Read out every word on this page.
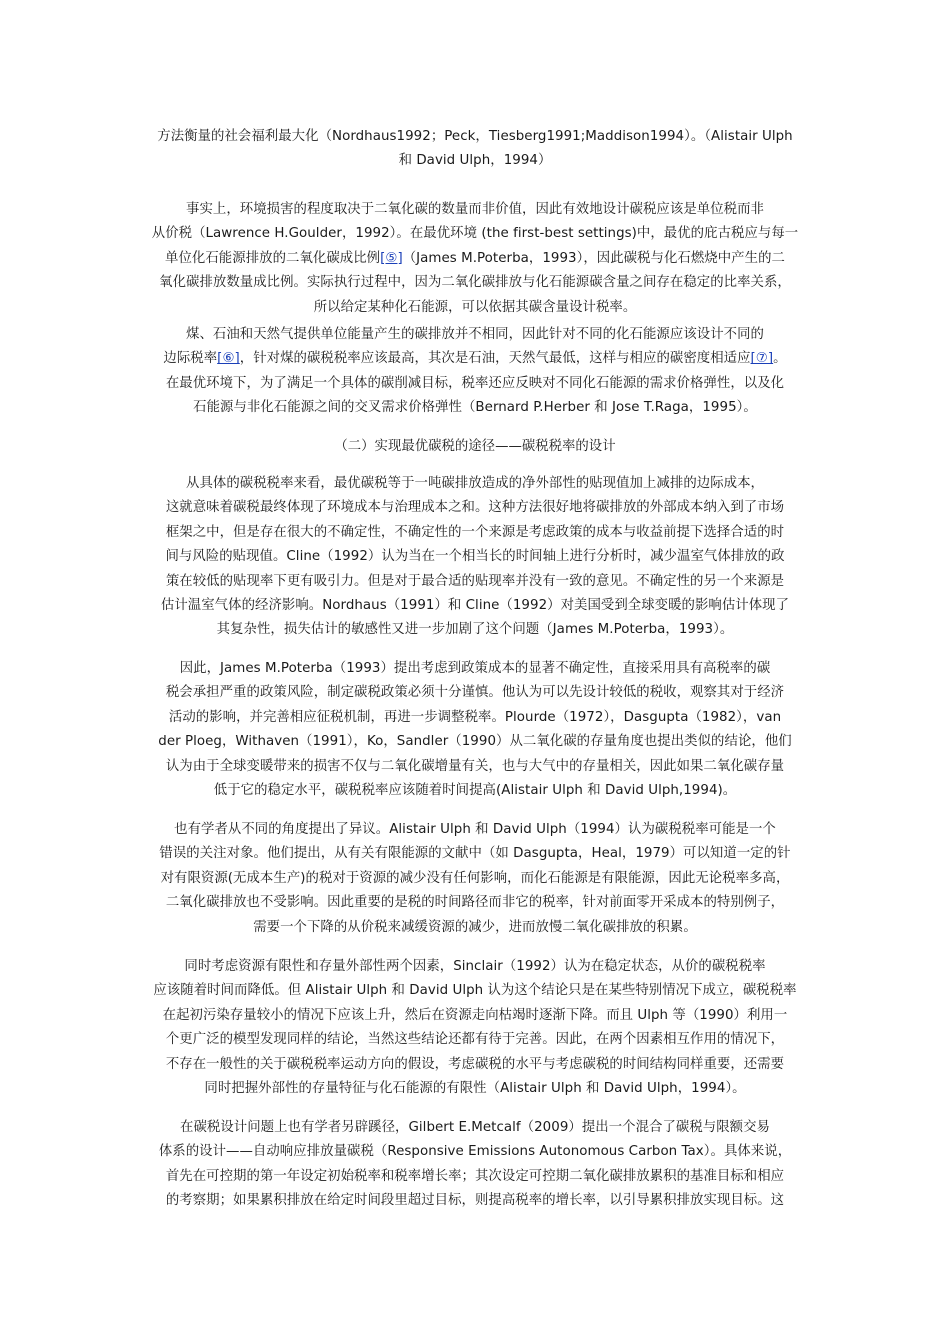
方法衡量的社会福利最大化（Nordhaus1992；Peck，Tiesberg1991;Maddison1994）。（Alistair Ulph
和 David Ulph，1994）
事实上，环境损害的程度取决于二氧化碳的数量而非价值，因此有效地设计碳税应该是单位税而非
从价税（Lawrence H.Goulder，1992）。在最优环境 (the first-best settings)中，最优的庇古税应与每一
单位化石能源排放的二氧化碳成比例[⑤]（James M.Poterba，1993），因此碳税与化石燃烧中产生的二
氧化碳排放数量成比例。实际执行过程中，因为二氧化碳排放与化石能源碳含量之间存在稳定的比率关系，
所以给定某种化石能源，可以依据其碳含量设计税率。
煤、石油和天然气提供单位能量产生的碳排放并不相同，因此针对不同的化石能源应该设计不同的
边际税率[⑥]，针对煤的碳税税率应该最高，其次是石油，天然气最低，这样与相应的碳密度相适应[⑦]。
在最优环境下，为了满足一个具体的碳削减目标，税率还应反映对不同化石能源的需求价格弹性，以及化
石能源与非化石能源之间的交叉需求价格弹性（Bernard P.Herber 和 Jose T.Raga，1995）。
（二）实现最优碳税的途径——碳税税率的设计
从具体的碳税税率来看，最优碳税等于一吨碳排放造成的净外部性的贴现值加上减排的边际成本，
这就意味着碳税最终体现了环境成本与治理成本之和。这种方法很好地将碳排放的外部成本纳入到了市场
框架之中，但是存在很大的不确定性，不确定性的一个来源是考虑政策的成本与收益前提下选择合适的时
间与风险的贴现值。Cline（1992）认为当在一个相当长的时间轴上进行分析时，减少温室气体排放的政
策在较低的贴现率下更有吸引力。但是对于最合适的贴现率并没有一致的意见。不确定性的另一个来源是
估计温室气体的经济影响。Nordhaus（1991）和 Cline（1992）对美国受到全球变暖的影响估计体现了
其复杂性，损失估计的敏感性又进一步加剧了这个问题（James M.Poterba，1993）。
因此，James M.Poterba（1993）提出考虑到政策成本的显著不确定性，直接采用具有高税率的碳
税会承担严重的政策风险，制定碳税政策必须十分谨慎。他认为可以先设计较低的税收，观察其对于经济
活动的影响，并完善相应征税机制，再进一步调整税率。Plourde（1972），Dasgupta（1982），van
der Ploeg，Withaven（1991），Ko，Sandler（1990）从二氧化碳的存量角度也提出类似的结论，他们
认为由于全球变暖带来的损害不仅与二氧化碳增量有关，也与大气中的存量相关，因此如果二氧化碳存量
低于它的稳定水平，碳税税率应该随着时间提高(Alistair Ulph 和 David Ulph,1994)。
也有学者从不同的角度提出了异议。Alistair Ulph 和 David Ulph（1994）认为碳税税率可能是一个
错误的关注对象。他们提出，从有关有限能源的文献中（如 Dasgupta，Heal，1979）可以知道一定的针
对有限资源(无成本生产)的税对于资源的减少没有任何影响，而化石能源是有限能源，因此无论税率多高，
二氧化碳排放也不受影响。因此重要的是税的时间路径而非它的税率，针对前面零开采成本的特别例子，
需要一个下降的从价税来减缓资源的减少，进而放慢二氧化碳排放的积累。
同时考虑资源有限性和存量外部性两个因素，Sinclair（1992）认为在稳定状态，从价的碳税税率
应该随着时间而降低。但 Alistair Ulph 和 David Ulph 认为这个结论只是在某些特别情况下成立，碳税税率
在起初污染存量较小的情况下应该上升，然后在资源走向枯竭时逐渐下降。而且 Ulph 等（1990）利用一
个更广泛的模型发现同样的结论，当然这些结论还都有待于完善。因此，在两个因素相互作用的情况下，
不存在一般性的关于碳税税率运动方向的假设，考虑碳税的水平与考虑碳税的时间结构同样重要，还需要
同时把握外部性的存量特征与化石能源的有限性（Alistair Ulph 和 David Ulph，1994）。
在碳税设计问题上也有学者另辟蹊径，Gilbert E.Metcalf（2009）提出一个混合了碳税与限额交易
体系的设计——自动响应排放量碳税（Responsive Emissions Autonomous Carbon Tax）。具体来说，
首先在可控期的第一年设定初始税率和税率增长率；其次设定可控期二氧化碳排放累积的基准目标和相应
的考察期；如果累积排放在给定时间段里超过目标，则提高税率的增长率，以引导累积排放实现目标。这
